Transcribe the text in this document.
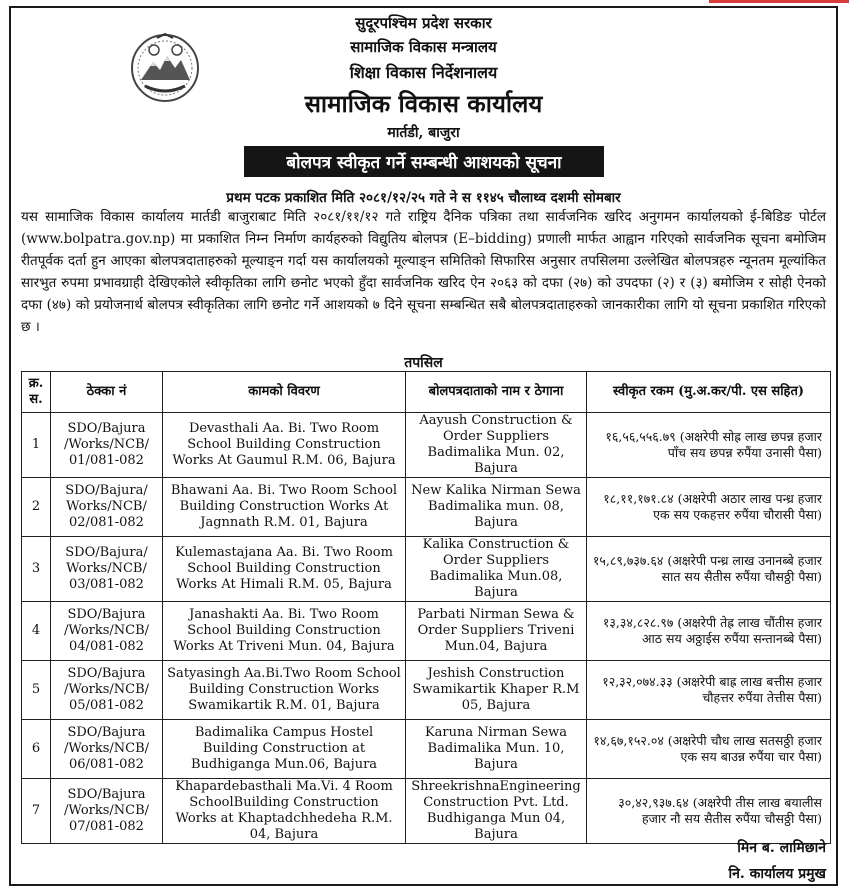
सुदूरपश्चिम प्रदेश सरकार
सामाजिक विकास मन्त्रालय
शिक्षा विकास निर्देशनालय
सामाजिक विकास कार्यालय
मार्तडी, बाजुरा
बोलपत्र स्वीकृत गर्ने सम्बन्धी आशयको सूचना
प्रथम पटक प्रकाशित मिति २०८१/१२/२५ गते ने स ११४५ चौलाथ्व दशमी सोमबार

यस सामाजिक विकास कार्यालय मार्तडी बाजुराबाट मिति २०८१/११/१२ गते राष्ट्रिय दैनिक पत्रिका तथा सार्वजनिक खरिद अनुगमन कार्यालयको ई-बिडिङ पोर्टल (www.bolpatra.gov.np) मा प्रकाशित निम्न निर्माण कार्यहरुको विद्युतिय बोलपत्र (E–bidding) प्रणाली मार्फत आह्वान गरिएको सार्वजनिक सूचना बमोजिम रीतपूर्वक दर्ता हुन आएका बोलपत्रदाताहरुको मूल्याङ्न गर्दा यस कार्यालयको मूल्याङ्न समितिको सिफारिस अनुसार तपसिलमा उल्लेखित बोलपत्रहरु न्यूनतम मूल्यांकित सारभुत रुपमा प्रभावग्राही देखिएकोले स्वीकृतिका लागि छनोट भएको हुँदा सार्वजनिक खरिद ऐन २०६३ को दफा (२७) को उपदफा (२) र (३) बमोजिम र सोही ऐनको दफा (४७) को प्रयोजनार्थ बोलपत्र स्वीकृतिका लागि छनोट गर्ने आशयको ७ दिने सूचना सम्बन्धित सबै बोलपत्रदाताहरुको जानकारीका लागि यो सूचना प्रकाशित गरिएको छ ।

तपसिल
क्र. स.	ठेक्का नं	कामको विवरण	बोलपत्रदाताको नाम र ठेगाना	स्वीकृत रकम (मु.अ.कर/पी. एस सहित)
1	SDO/Bajura /Works/NCB/ 01/081-082	Devasthali Aa. Bi. Two Room School Building Construction Works At Gaumul R.M. 06, Bajura	Aayush Construction & Order Suppliers Badimalika Mun. 02, Bajura	१६,५६,५५६.७९ (अक्षरेपी सोह्र लाख छपन्न हजार पाँच सय छपन्न रुपैंया उनासी पैसा)
2	SDO/Bajura/ Works/NCB/ 02/081-082	Bhawani Aa. Bi. Two Room School Building Construction Works At Jagnnath R.M. 01, Bajura	New Kalika Nirman Sewa Badimalika mun. 08, Bajura	१८,११,१७१.८४ (अक्षरेपी अठार लाख पन्ध्र हजार एक सय एकहत्तर रुपैंया चौरासी पैसा)
3	SDO/Bajura/ Works/NCB/ 03/081-082	Kulemastajana Aa. Bi. Two Room School Building Construction Works At Himali R.M. 05, Bajura	Kalika Construction & Order Suppliers Badimalika Mun.08, Bajura	१५,८९,७३७.६४ (अक्षरेपी पन्ध्र लाख उनानब्बे हजार सात सय सैतीस रुपैंया चौसठ्ठी पैसा)
4	SDO/Bajura /Works/NCB/ 04/081-082	Janashakti Aa. Bi. Two Room School Building Construction Works At Triveni Mun. 04, Bajura	Parbati Nirman Sewa & Order Suppliers Triveni Mun.04, Bajura	१३,३४,८२८.९७ (अक्षरेपी तेह्र लाख चौंतीस हजार आठ सय अठ्ठाईस रुपैंया सन्तानब्बे पैसा)
5	SDO/Bajura /Works/NCB/ 05/081-082	Satyasingh Aa.Bi.Two Room School Building Construction Works Swamikartik R.M. 01, Bajura	Jeshish Construction Swamikartik Khaper R.M 05, Bajura	१२,३२,०७४.३३ (अक्षरेपी बाह्र लाख बत्तीस हजार चौहत्तर रुपैंया तेत्तीस पैसा)
6	SDO/Bajura /Works/NCB/ 06/081-082	Badimalika Campus Hostel Building Construction at Budhiganga Mun.06, Bajura	Karuna Nirman Sewa Badimalika Mun. 10, Bajura	१४,६७,१५२.०४ (अक्षरेपी चौध लाख सतसठ्ठी हजार एक सय बाउन्न रुपैंया चार पैसा)
7	SDO/Bajura /Works/NCB/ 07/081-082	Khapardebasthali Ma.Vi. 4 Room SchoolBuilding Construction Works at Khaptadchhedeha R.M. 04, Bajura	ShreekrishnaEngineering Construction Pvt. Ltd. Budhiganga Mun 04, Bajura	३०,४२,९३७.६४ (अक्षरेपी तीस लाख बयालीस हजार नौ सय सैतीस रुपैंया चौसठ्ठी पैसा)
मिन ब. लामिछाने
नि. कार्यालय प्रमुख
